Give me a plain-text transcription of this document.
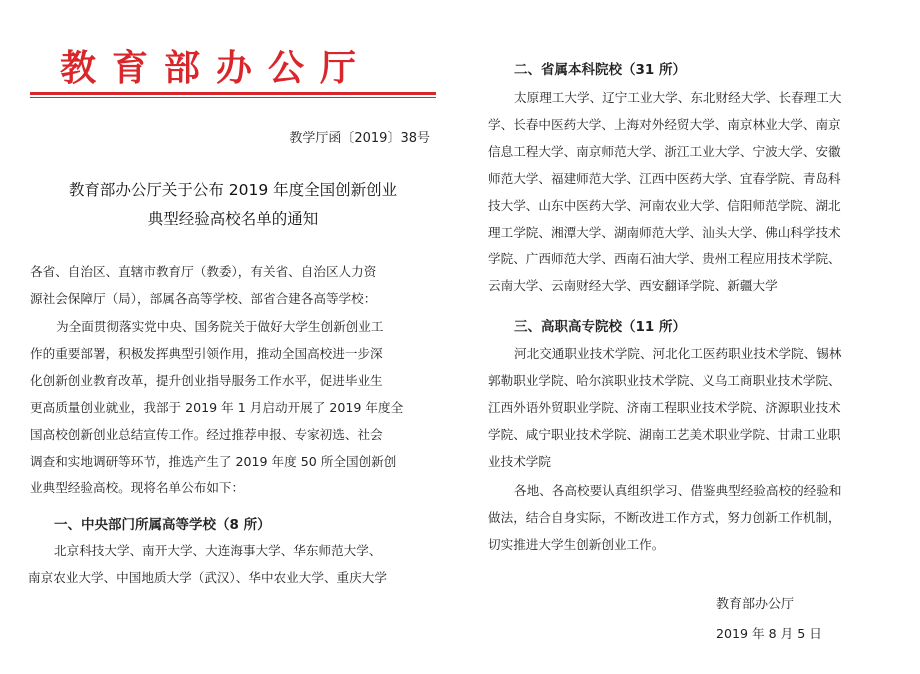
教育部办公厅
教学厅函〔2019〕38号
教育部办公厅关于公布 2019 年度全国创新创业
典型经验高校名单的通知
各省、自治区、直辖市教育厅（教委），有关省、自治区人力资
源社会保障厅（局），部属各高等学校、部省合建各高等学校：
为全面贯彻落实党中央、国务院关于做好大学生创新创业工
作的重要部署，积极发挥典型引领作用，推动全国高校进一步深
化创新创业教育改革，提升创业指导服务工作水平，促进毕业生
更高质量创业就业，我部于 2019 年 1 月启动开展了 2019 年度全
国高校创新创业总结宣传工作。经过推荐申报、专家初选、社会
调查和实地调研等环节，推选产生了 2019 年度 50 所全国创新创
业典型经验高校。现将名单公布如下：
一、中央部门所属高等学校（8 所）
北京科技大学、南开大学、大连海事大学、华东师范大学、
南京农业大学、中国地质大学（武汉）、华中农业大学、重庆大学
二、省属本科院校（31 所）
太原理工大学、辽宁工业大学、东北财经大学、长春理工大
学、长春中医药大学、上海对外经贸大学、南京林业大学、南京
信息工程大学、南京师范大学、浙江工业大学、宁波大学、安徽
师范大学、福建师范大学、江西中医药大学、宜春学院、青岛科
技大学、山东中医药大学、河南农业大学、信阳师范学院、湖北
理工学院、湘潭大学、湖南师范大学、汕头大学、佛山科学技术
学院、广西师范大学、西南石油大学、贵州工程应用技术学院、
云南大学、云南财经大学、西安翻译学院、新疆大学
三、高职高专院校（11 所）
河北交通职业技术学院、河北化工医药职业技术学院、锡林
郭勒职业学院、哈尔滨职业技术学院、义乌工商职业技术学院、
江西外语外贸职业学院、济南工程职业技术学院、济源职业技术
学院、咸宁职业技术学院、湖南工艺美术职业学院、甘肃工业职
业技术学院
各地、各高校要认真组织学习、借鉴典型经验高校的经验和
做法，结合自身实际，不断改进工作方式，努力创新工作机制，
切实推进大学生创新创业工作。
教育部办公厅
2019 年 8 月 5 日
